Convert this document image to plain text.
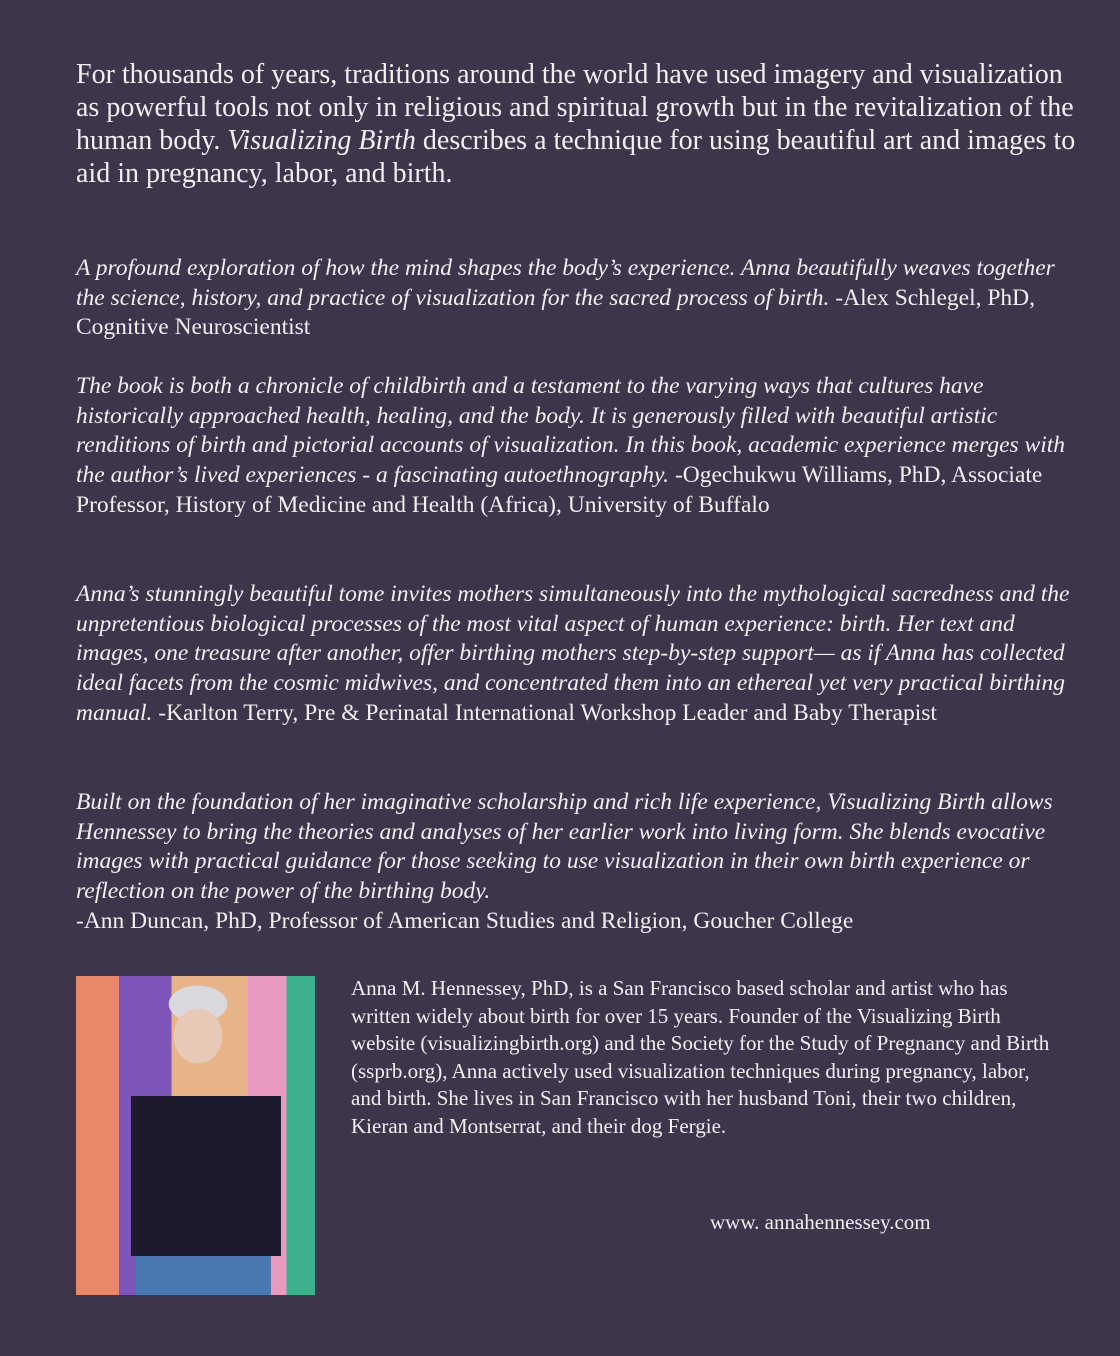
For thousands of years, traditions around the world have used imagery and visualization as powerful tools not only in religious and spiritual growth but in the revitalization of the human body. Visualizing Birth describes a technique for using beautiful art and images to aid in pregnancy, labor, and birth.

A profound exploration of how the mind shapes the body’s experience. Anna beautifully weaves together the science, history, and practice of visualization for the sacred process of birth. -Alex Schlegel, PhD, Cognitive Neuroscientist

The book is both a chronicle of childbirth and a testament to the varying ways that cultures have historically approached health, healing, and the body. It is generously filled with beautiful artistic renditions of birth and pictorial accounts of visualization. In this book, academic experience merges with the author’s lived experiences - a fascinating autoethnography. -Ogechukwu Williams, PhD, Associate Professor, History of Medicine and Health (Africa), University of Buffalo

Anna’s stunningly beautiful tome invites mothers simultaneously into the mythological sacredness and the unpretentious biological processes of the most vital aspect of human experience: birth. Her text and images, one treasure after another, offer birthing mothers step-by-step support— as if Anna has collected ideal facets from the cosmic midwives, and concentrated them into an ethereal yet very practical birthing manual. -Karlton Terry, Pre & Perinatal International Workshop Leader and Baby Therapist

Built on the foundation of her imaginative scholarship and rich life experience, Visualizing Birth allows Hennessey to bring the theories and analyses of her earlier work into living form. She blends evocative images with practical guidance for those seeking to use visualization in their own birth experience or reflection on the power of the birthing body.
-Ann Duncan, PhD, Professor of American Studies and Religion, Goucher College

Anna M. Hennessey, PhD, is a San Francisco based scholar and artist who has written widely about birth for over 15 years. Founder of the Visualizing Birth website (visualizingbirth.org) and the Society for the Study of Pregnancy and Birth (ssprb.org), Anna actively used visualization techniques during pregnancy, labor, and birth. She lives in San Francisco with her husband Toni, their two children, Kieran and Montserrat, and their dog Fergie.

www. annahennessey.com
